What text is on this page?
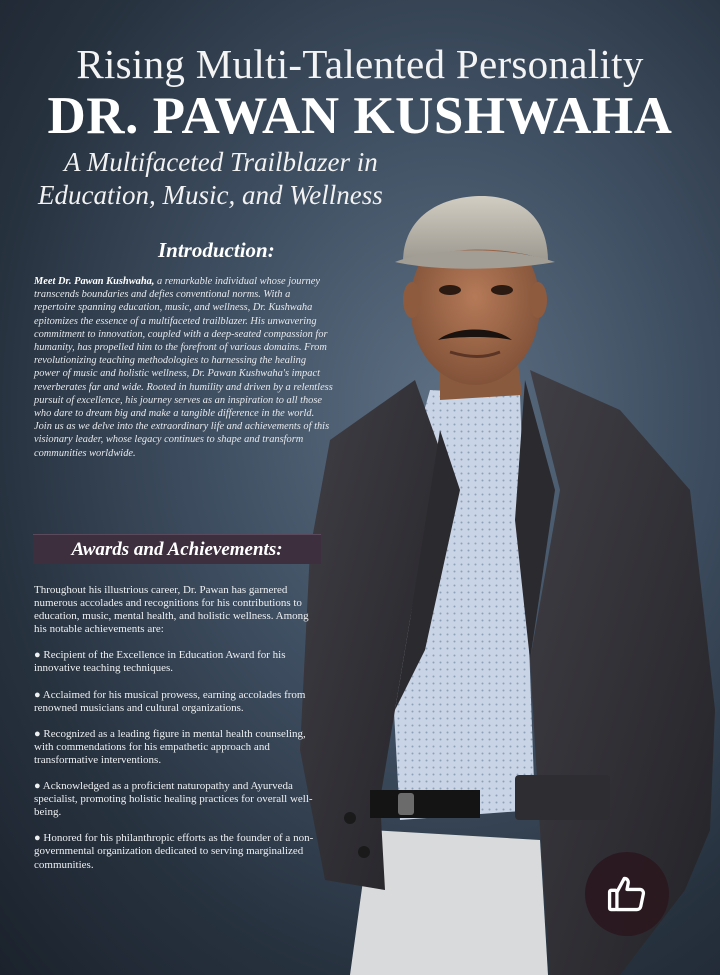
Rising Multi-Talented Personality
DR. PAWAN KUSHWAHA
A Multifaceted Trailblazer in
Education, Music, and Wellness
Introduction:
Meet Dr. Pawan Kushwaha, a remarkable individual whose journey transcends boundaries and defies conventional norms. With a repertoire spanning education, music, and wellness, Dr. Kushwaha epitomizes the essence of a multifaceted trailblazer. His unwavering commitment to innovation, coupled with a deep-seated compassion for humanity, has propelled him to the forefront of various domains. From revolutionizing teaching methodologies to harnessing the healing power of music and holistic wellness, Dr. Pawan Kushwaha's impact reverberates far and wide. Rooted in humility and driven by a relentless pursuit of excellence, his journey serves as an inspiration to all those who dare to dream big and make a tangible difference in the world. Join us as we delve into the extraordinary life and achievements of this visionary leader, whose legacy continues to shape and transform communities worldwide.
Awards and Achievements:

Throughout his illustrious career, Dr. Pawan has garnered numerous accolades and recognitions for his contributions to education, music, mental health, and holistic wellness. Among his notable achievements are:

● Recipient of the Excellence in Education Award for his innovative teaching techniques.

● Acclaimed for his musical prowess, earning accolades from renowned musicians and cultural organizations.

● Recognized as a leading figure in mental health counseling, with commendations for his empathetic approach and transformative interventions.

● Acknowledged as a proficient naturopathy and Ayurveda specialist, promoting holistic healing practices for overall well-being.

● Honored for his philanthropic efforts as the founder of a non-governmental organization dedicated to serving marginalized communities.
